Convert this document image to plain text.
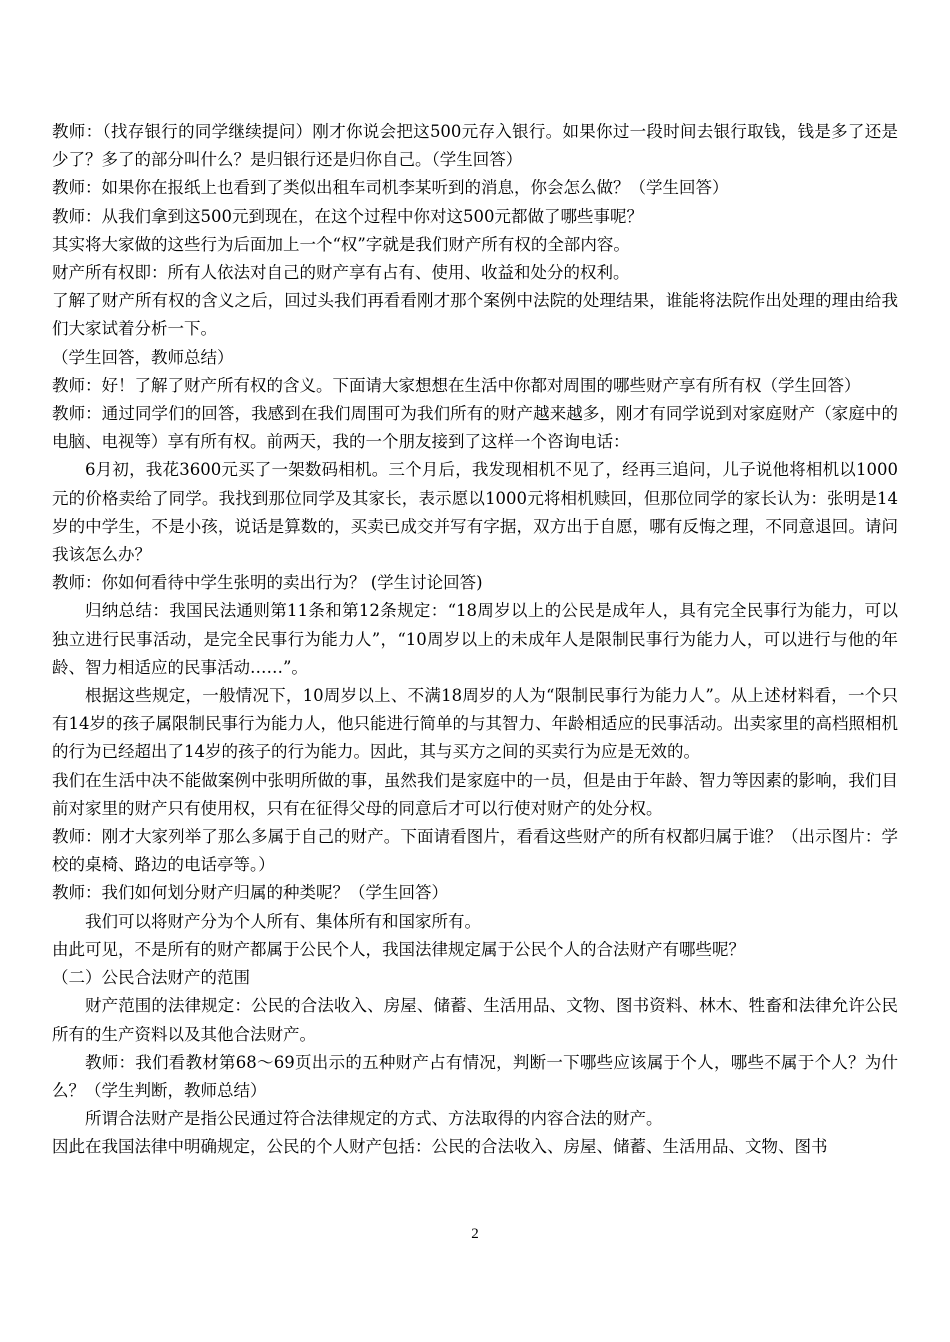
教师：（找存银行的同学继续提问）刚才你说会把这500元存入银行。如果你过一段时间去银行取钱，钱是多了还是少了？多了的部分叫什么？是归银行还是归你自己。（学生回答）

教师：如果你在报纸上也看到了类似出租车司机李某听到的消息，你会怎么做？（学生回答）

教师：从我们拿到这500元到现在，在这个过程中你对这500元都做了哪些事呢？

其实将大家做的这些行为后面加上一个“权”字就是我们财产所有权的全部内容。

财产所有权即：所有人依法对自己的财产享有占有、使用、收益和处分的权利。

了解了财产所有权的含义之后，回过头我们再看看刚才那个案例中法院的处理结果，谁能将法院作出处理的理由给我们大家试着分析一下。

（学生回答，教师总结）

教师：好！了解了财产所有权的含义。下面请大家想想在生活中你都对周围的哪些财产享有所有权（学生回答）

教师：通过同学们的回答，我感到在我们周围可为我们所有的财产越来越多，刚才有同学说到对家庭财产（家庭中的电脑、电视等）享有所有权。前两天，我的一个朋友接到了这样一个咨询电话：

6月初，我花3600元买了一架数码相机。三个月后，我发现相机不见了，经再三追问，儿子说他将相机以1000元的价格卖给了同学。我找到那位同学及其家长，表示愿以1000元将相机赎回，但那位同学的家长认为：张明是14岁的中学生，不是小孩，说话是算数的，买卖已成交并写有字据，双方出于自愿，哪有反悔之理，不同意退回。请问我该怎么办？

教师：你如何看待中学生张明的卖出行为？ (学生讨论回答)

归纳总结：我国民法通则第11条和第12条规定：“18周岁以上的公民是成年人，具有完全民事行为能力，可以独立进行民事活动，是完全民事行为能力人”，“10周岁以上的未成年人是限制民事行为能力人，可以进行与他的年龄、智力相适应的民事活动……”。

根据这些规定，一般情况下，10周岁以上、不满18周岁的人为“限制民事行为能力人”。从上述材料看，一个只有14岁的孩子属限制民事行为能力人，他只能进行简单的与其智力、年龄相适应的民事活动。出卖家里的高档照相机的行为已经超出了14岁的孩子的行为能力。因此，其与买方之间的买卖行为应是无效的。

我们在生活中决不能做案例中张明所做的事，虽然我们是家庭中的一员，但是由于年龄、智力等因素的影响，我们目前对家里的财产只有使用权，只有在征得父母的同意后才可以行使对财产的处分权。

教师：刚才大家列举了那么多属于自己的财产。下面请看图片，看看这些财产的所有权都归属于谁？（出示图片：学校的桌椅、路边的电话亭等。）

教师：我们如何划分财产归属的种类呢？（学生回答）

我们可以将财产分为个人所有、集体所有和国家所有。

由此可见，不是所有的财产都属于公民个人，我国法律规定属于公民个人的合法财产有哪些呢？

（二）公民合法财产的范围

财产范围的法律规定：公民的合法收入、房屋、储蓄、生活用品、文物、图书资料、林木、牲畜和法律允许公民所有的生产资料以及其他合法财产。

教师：我们看教材第68～69页出示的五种财产占有情况，判断一下哪些应该属于个人，哪些不属于个人？为什么？（学生判断，教师总结）

所谓合法财产是指公民通过符合法律规定的方式、方法取得的内容合法的财产。

因此在我国法律中明确规定，公民的个人财产包括：公民的合法收入、房屋、储蓄、生活用品、文物、图书

2
